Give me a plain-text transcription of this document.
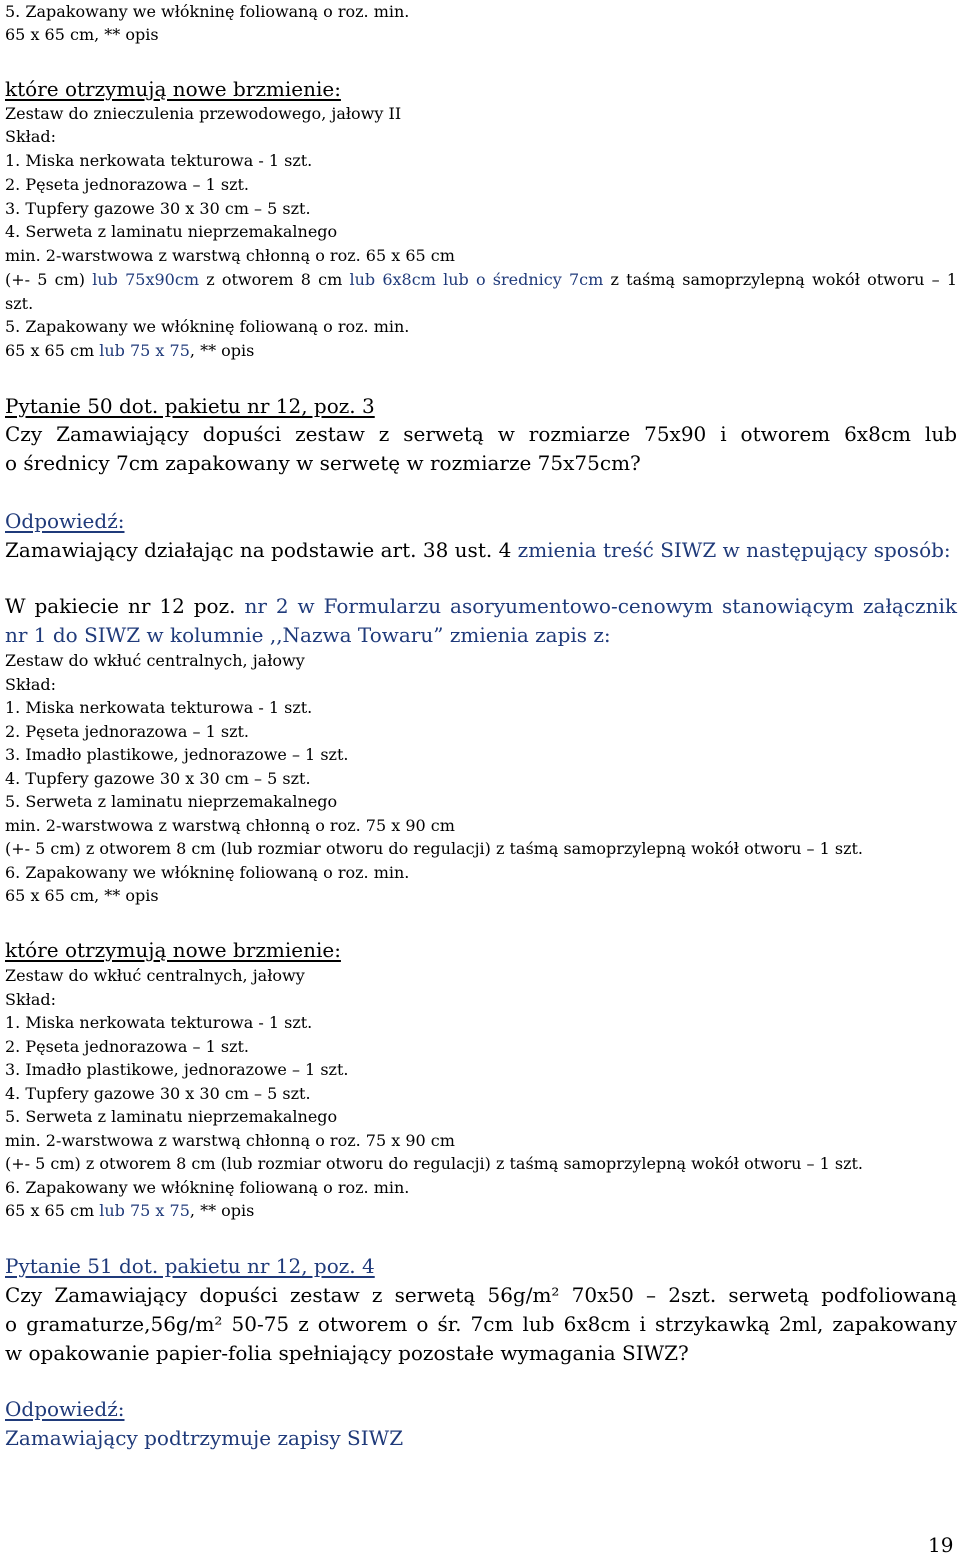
5. Zapakowany we włókninę foliowaną o roz. min.
65 x 65 cm, ** opis
które otrzymują nowe brzmienie:
Zestaw do znieczulenia przewodowego, jałowy II
Skład:
1. Miska nerkowata tekturowa - 1 szt.
2. Pęseta jednorazowa – 1 szt.
3. Tupfery gazowe 30 x 30 cm – 5 szt.
4. Serweta z laminatu nieprzemakalnego
min. 2-warstwowa z warstwą chłonną o roz. 65 x 65 cm
(+- 5 cm) lub 75x90cm z otworem 8 cm lub 6x8cm lub o średnicy 7cm z taśmą samoprzylepną wokół otworu – 1
szt.
5. Zapakowany we włókninę foliowaną o roz. min.
65 x 65 cm lub 75 x 75, ** opis
Pytanie 50 dot. pakietu nr 12, poz. 3
Czy Zamawiający dopuści zestaw z serwetą w rozmiarze 75x90 i otworem 6x8cm lub
o średnicy 7cm zapakowany w serwetę w rozmiarze 75x75cm?
Odpowiedź:
Zamawiający działając na podstawie art. 38 ust. 4 zmienia treść SIWZ w następujący sposób:
W pakiecie nr 12 poz. nr 2 w Formularzu asoryumentowo-cenowym stanowiącym załącznik
nr 1 do SIWZ w kolumnie ,,Nazwa Towaru” zmienia zapis z:
Zestaw do wkłuć centralnych, jałowy
Skład:
1. Miska nerkowata tekturowa - 1 szt.
2. Pęseta jednorazowa – 1 szt.
3. Imadło plastikowe, jednorazowe – 1 szt.
4. Tupfery gazowe 30 x 30 cm – 5 szt.
5. Serweta z laminatu nieprzemakalnego
min. 2-warstwowa z warstwą chłonną o roz. 75 x 90 cm
(+- 5 cm) z otworem 8 cm (lub rozmiar otworu do regulacji) z taśmą samoprzylepną wokół otworu – 1 szt.
6. Zapakowany we włókninę foliowaną o roz. min.
65 x 65 cm, ** opis
które otrzymują nowe brzmienie:
Zestaw do wkłuć centralnych, jałowy
Skład:
1. Miska nerkowata tekturowa - 1 szt.
2. Pęseta jednorazowa – 1 szt.
3. Imadło plastikowe, jednorazowe – 1 szt.
4. Tupfery gazowe 30 x 30 cm – 5 szt.
5. Serweta z laminatu nieprzemakalnego
min. 2-warstwowa z warstwą chłonną o roz. 75 x 90 cm
(+- 5 cm) z otworem 8 cm (lub rozmiar otworu do regulacji) z taśmą samoprzylepną wokół otworu – 1 szt.
6. Zapakowany we włókninę foliowaną o roz. min.
65 x 65 cm lub 75 x 75, ** opis
Pytanie 51 dot. pakietu nr 12, poz. 4
Czy Zamawiający dopuści zestaw z serwetą 56g/m² 70x50 – 2szt. serwetą podfoliowaną
o gramaturze,56g/m² 50-75 z otworem o śr. 7cm lub 6x8cm i strzykawką 2ml, zapakowany
w opakowanie papier-folia spełniający pozostałe wymagania SIWZ?
Odpowiedź:
Zamawiający podtrzymuje zapisy SIWZ
19
